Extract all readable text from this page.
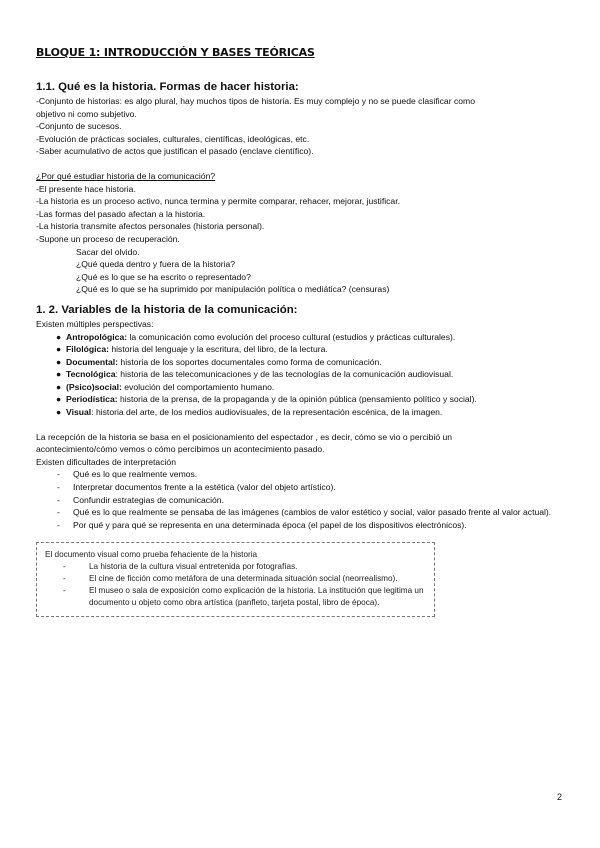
BLOQUE 1: INTRODUCCIÓN Y BASES TEÓRICAS
1.1. Qué es la historia. Formas de hacer historia:

-Conjunto de historias: es algo plural, hay muchos tipos de historia. Es muy complejo y no se puede clasificar como

objetivo ni como subjetivo.

-Conjunto de sucesos.

-Evolución de prácticas sociales, culturales, científicas, ideológicas, etc.

-Saber acumulativo de actos que justifican el pasado (enclave científico).

¿Por qué estudiar historia de la comunicación?

-El presente hace historia.

-La historia es un proceso activo, nunca termina y permite comparar, rehacer, mejorar, justificar.

-Las formas del pasado afectan a la historia.

-La historia transmite afectos personales (historia personal).

-Supone un proceso de recuperación.

Sacar del olvido.

¿Qué queda dentro y fuera de la historia?

¿Qué es lo que se ha escrito o representado?

¿Qué es lo que se ha suprimido por manipulación política o mediática? (censuras)

1. 2. Variables de la historia de la comunicación:

Existen múltiples perspectivas:

● Antropológica: la comunicación como evolución del proceso cultural (estudios y prácticas culturales).
● Filológica: historia del lenguaje y la escritura, del libro, de la lectura.
● Documental: historia de los soportes documentales como forma de comunicación.
● Tecnológica: historia de las telecomunicaciones y de las tecnologías de la comunicación audiovisual.
● (Psico)social: evolución del comportamiento humano.
● Periodística: historia de la prensa, de la propaganda y de la opinión pública (pensamiento político y social).
● Visual: historia del arte, de los medios audiovisuales, de la representación escénica, de la imagen.

La recepción de la historia se basa en el posicionamiento del espectador , es decir, cómo se vio o percibió un

acontecimiento/cómo vemos o cómo percibimos un acontecimiento pasado.

Existen dificultades de interpretación

- Qué es lo que realmente vemos.
- Interpretar documentos frente a la estética (valor del objeto artístico).
- Confundir estrategias de comunicación.
- Qué es lo que realmente se pensaba de las imágenes (cambios de valor estético y social, valor pasado frente al valor actual).
- Por qué y para qué se representa en una determinada época (el papel de los dispositivos electrónicos).

El documento visual como prueba fehaciente de la historia

-	La historia de la cultura visual entretenida por fotografías.
-	El cine de ficción como metáfora de una determinada situación social (neorrealismo).
-	El museo o sala de exposición como explicación de la historia. La institución que legitima un documento u objeto como obra artística (panfleto, tarjeta postal, libro de época).
2
